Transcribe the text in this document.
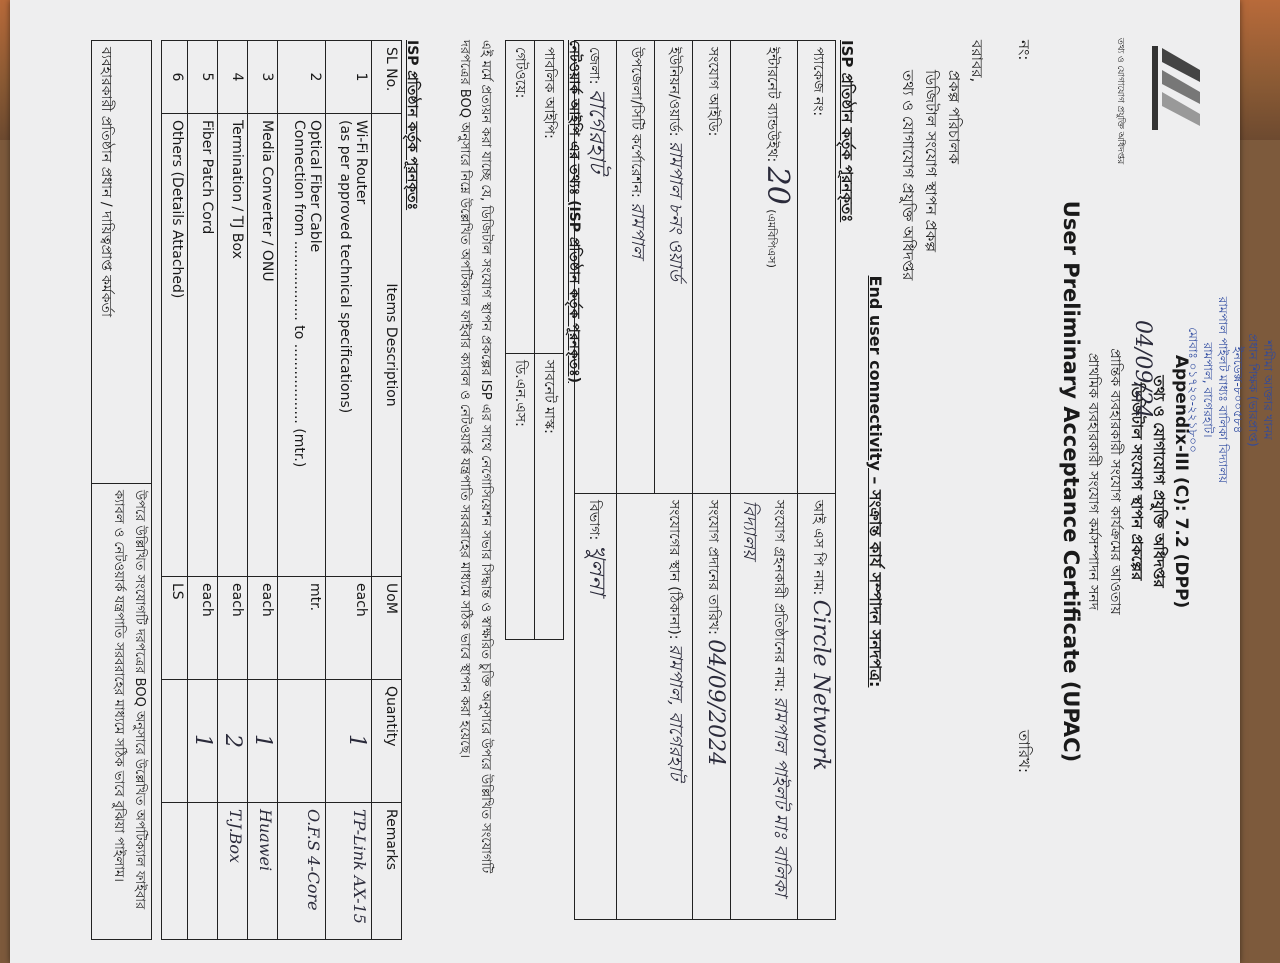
তথ্য ও যোগাযোগ প্রযুক্তি অধিদপ্তর
Appendix-III (C): 7.2 (DPP)
তথ্য ও যোগাযোগ প্রযুক্তি অধিদপ্তর
ডিজিটাল সংযোগ স্থাপন প্রকল্পের
প্রান্তিক ব্যবহারকারী সংযোগ কার্যক্রমের আওতায়
প্রাথমিক ব্যবহারকারী সংযোগ কর্মসম্পাদন সনদ
User Preliminary Acceptance Certificate (UPAC)
নং:
তারিখ:
বরাবর,
প্রকল্প পরিচালক
ডিজিটাল সংযোগ স্থাপন প্রকল্প
তথ্য ও যোগাযোগ প্রযুক্তি অধিদপ্তর
End user connectivity – সংক্রান্ত কার্য সম্পাদন সনদপত্র:
ISP প্রতিষ্ঠান কর্তৃক পূরনকৃতঃ
প্যাকেজ নং:	আই এস পি নাম: Circle Network
ইন্টারনেট ব্যান্ডউইথ: 20 (এমবিপিএস)	সংযোগ গ্রহনকারী প্রতিষ্ঠানের নাম: রামপাল পাইলট মাঃ বালিকা বিদ্যালয়
সংযোগ আইডি:	সংযোগ প্রদানের তারিখ: 04/09/2024
ইউনিয়ন/ওয়ার্ড: রামপাল ৮নং ওয়ার্ড	সংযোগের স্থান (ঠিকানা): রামপাল, বাগেরহাট
উপজেলা/সিটি কর্পোরেশন: রামপাল	
জেলা: বাগেরহাট	বিভাগ: খুলনা
নেটওয়ার্ক আইপি এর তথ্যঃ (ISP প্রতিষ্ঠান কর্তৃক পূরনকৃতঃ)
পাবলিক আইপি:	সাবনেট মাস্ক:
গেটওয়ে:	ডি.এন.এস:
এই মর্মে প্রত্যয়ন করা যাচ্ছে যে, ডিজিটাল সংযোগ স্থাপন প্রকল্পের ISP এর সাথে নেগোসিয়েশন সভার সিদ্ধান্ত ও স্বাক্ষরিত চুক্তি অনুসারে উপরে উল্লিখিত সংযোগটি দরপত্রের BOQ অনুসারে নিম্নে উল্লেখিত অপটিক্যাল ফাইবার ক্যাবল ও নেটওয়ার্ক যন্ত্রপাতি সরবরাহের মাধ্যমে সঠিক ভাবে স্থাপন করা হয়েছে।
ISP প্রতিষ্ঠান কর্তৃক পূরনকৃতঃ
SL No.	Items Description	UoM	Quantity	Remarks
1	Wi-Fi Router
(as per approved technical specifications)	each	1	TP-Link AX-15
2	Optical Fiber Cable
Connection from .................. to .................. (mtr.)	mtr.		O.F.S 4-Core
3	Media Converter / ONU	each	1	Huawei
4	Termination / TJ Box	each	2	T.J.Box
5	Fiber Patch Cord	each	1	
6	Others (Details Attached)	LS		
ব্যবহারকারী প্রতিষ্ঠান প্রধান / দায়িত্বপ্রাপ্ত কর্মকর্তা	
উপরে উল্লিখিত সংযোগটি দরপত্রের BOQ অনুসারে উল্লেখিত অপটিক্যাল ফাইবার
ক্যাবল ও নেটওয়ার্ক যন্ত্রপাতি সরবরাহের মাধ্যমে সঠিক ভাবে বুঝিয়া পাইলাম।
04/09/24	শামীমা আক্তার খানম
প্রধান শিক্ষক (ভারপ্রাপ্ত)
ইনডেক্স-৮০০৫৮৪
রামপাল পাইলট মাধ্যঃ বালিকা বিদ্যালয়
রামপাল, বাগেরহাট।
মোবাঃ ০১৭২০-২২১৮০০
